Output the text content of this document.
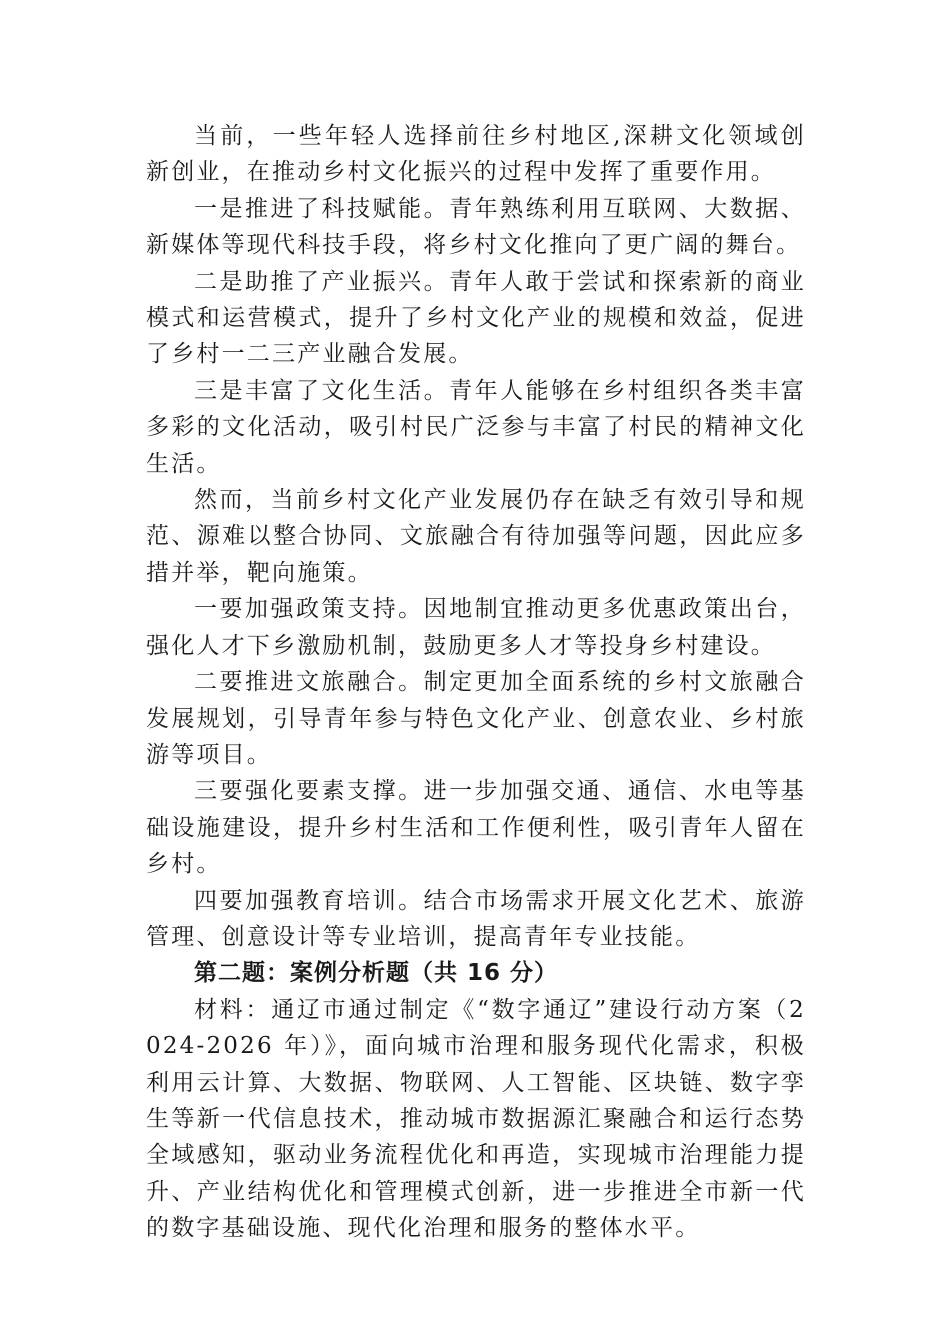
当前，一些年轻人选择前往乡村地区,深耕文化领域创新创业，在推动乡村文化振兴的过程中发挥了重要作用。

一是推进了科技赋能。青年熟练利用互联网、大数据、新媒体等现代科技手段，将乡村文化推向了更广阔的舞台。

二是助推了产业振兴。青年人敢于尝试和探索新的商业模式和运营模式，提升了乡村文化产业的规模和效益，促进了乡村一二三产业融合发展。

三是丰富了文化生活。青年人能够在乡村组织各类丰富多彩的文化活动，吸引村民广泛参与丰富了村民的精神文化生活。

然而，当前乡村文化产业发展仍存在缺乏有效引导和规范、源难以整合协同、文旅融合有待加强等问题，因此应多措并举，靶向施策。

一要加强政策支持。因地制宜推动更多优惠政策出台，强化人才下乡激励机制，鼓励更多人才等投身乡村建设。

二要推进文旅融合。制定更加全面系统的乡村文旅融合发展规划，引导青年参与特色文化产业、创意农业、乡村旅游等项目。

三要强化要素支撑。进一步加强交通、通信、水电等基础设施建设，提升乡村生活和工作便利性，吸引青年人留在乡村。

四要加强教育培训。结合市场需求开展文化艺术、旅游管理、创意设计等专业培训，提高青年专业技能。

第二题：案例分析题（共 16 分）

材料：通辽市通过制定《“数字通辽”建设行动方案（2024-2026 年）》，面向城市治理和服务现代化需求，积极利用云计算、大数据、物联网、人工智能、区块链、数字孪生等新一代信息技术，推动城市数据源汇聚融合和运行态势全域感知，驱动业务流程优化和再造，实现城市治理能力提升、产业结构优化和管理模式创新，进一步推进全市新一代的数字基础设施、现代化治理和服务的整体水平。
